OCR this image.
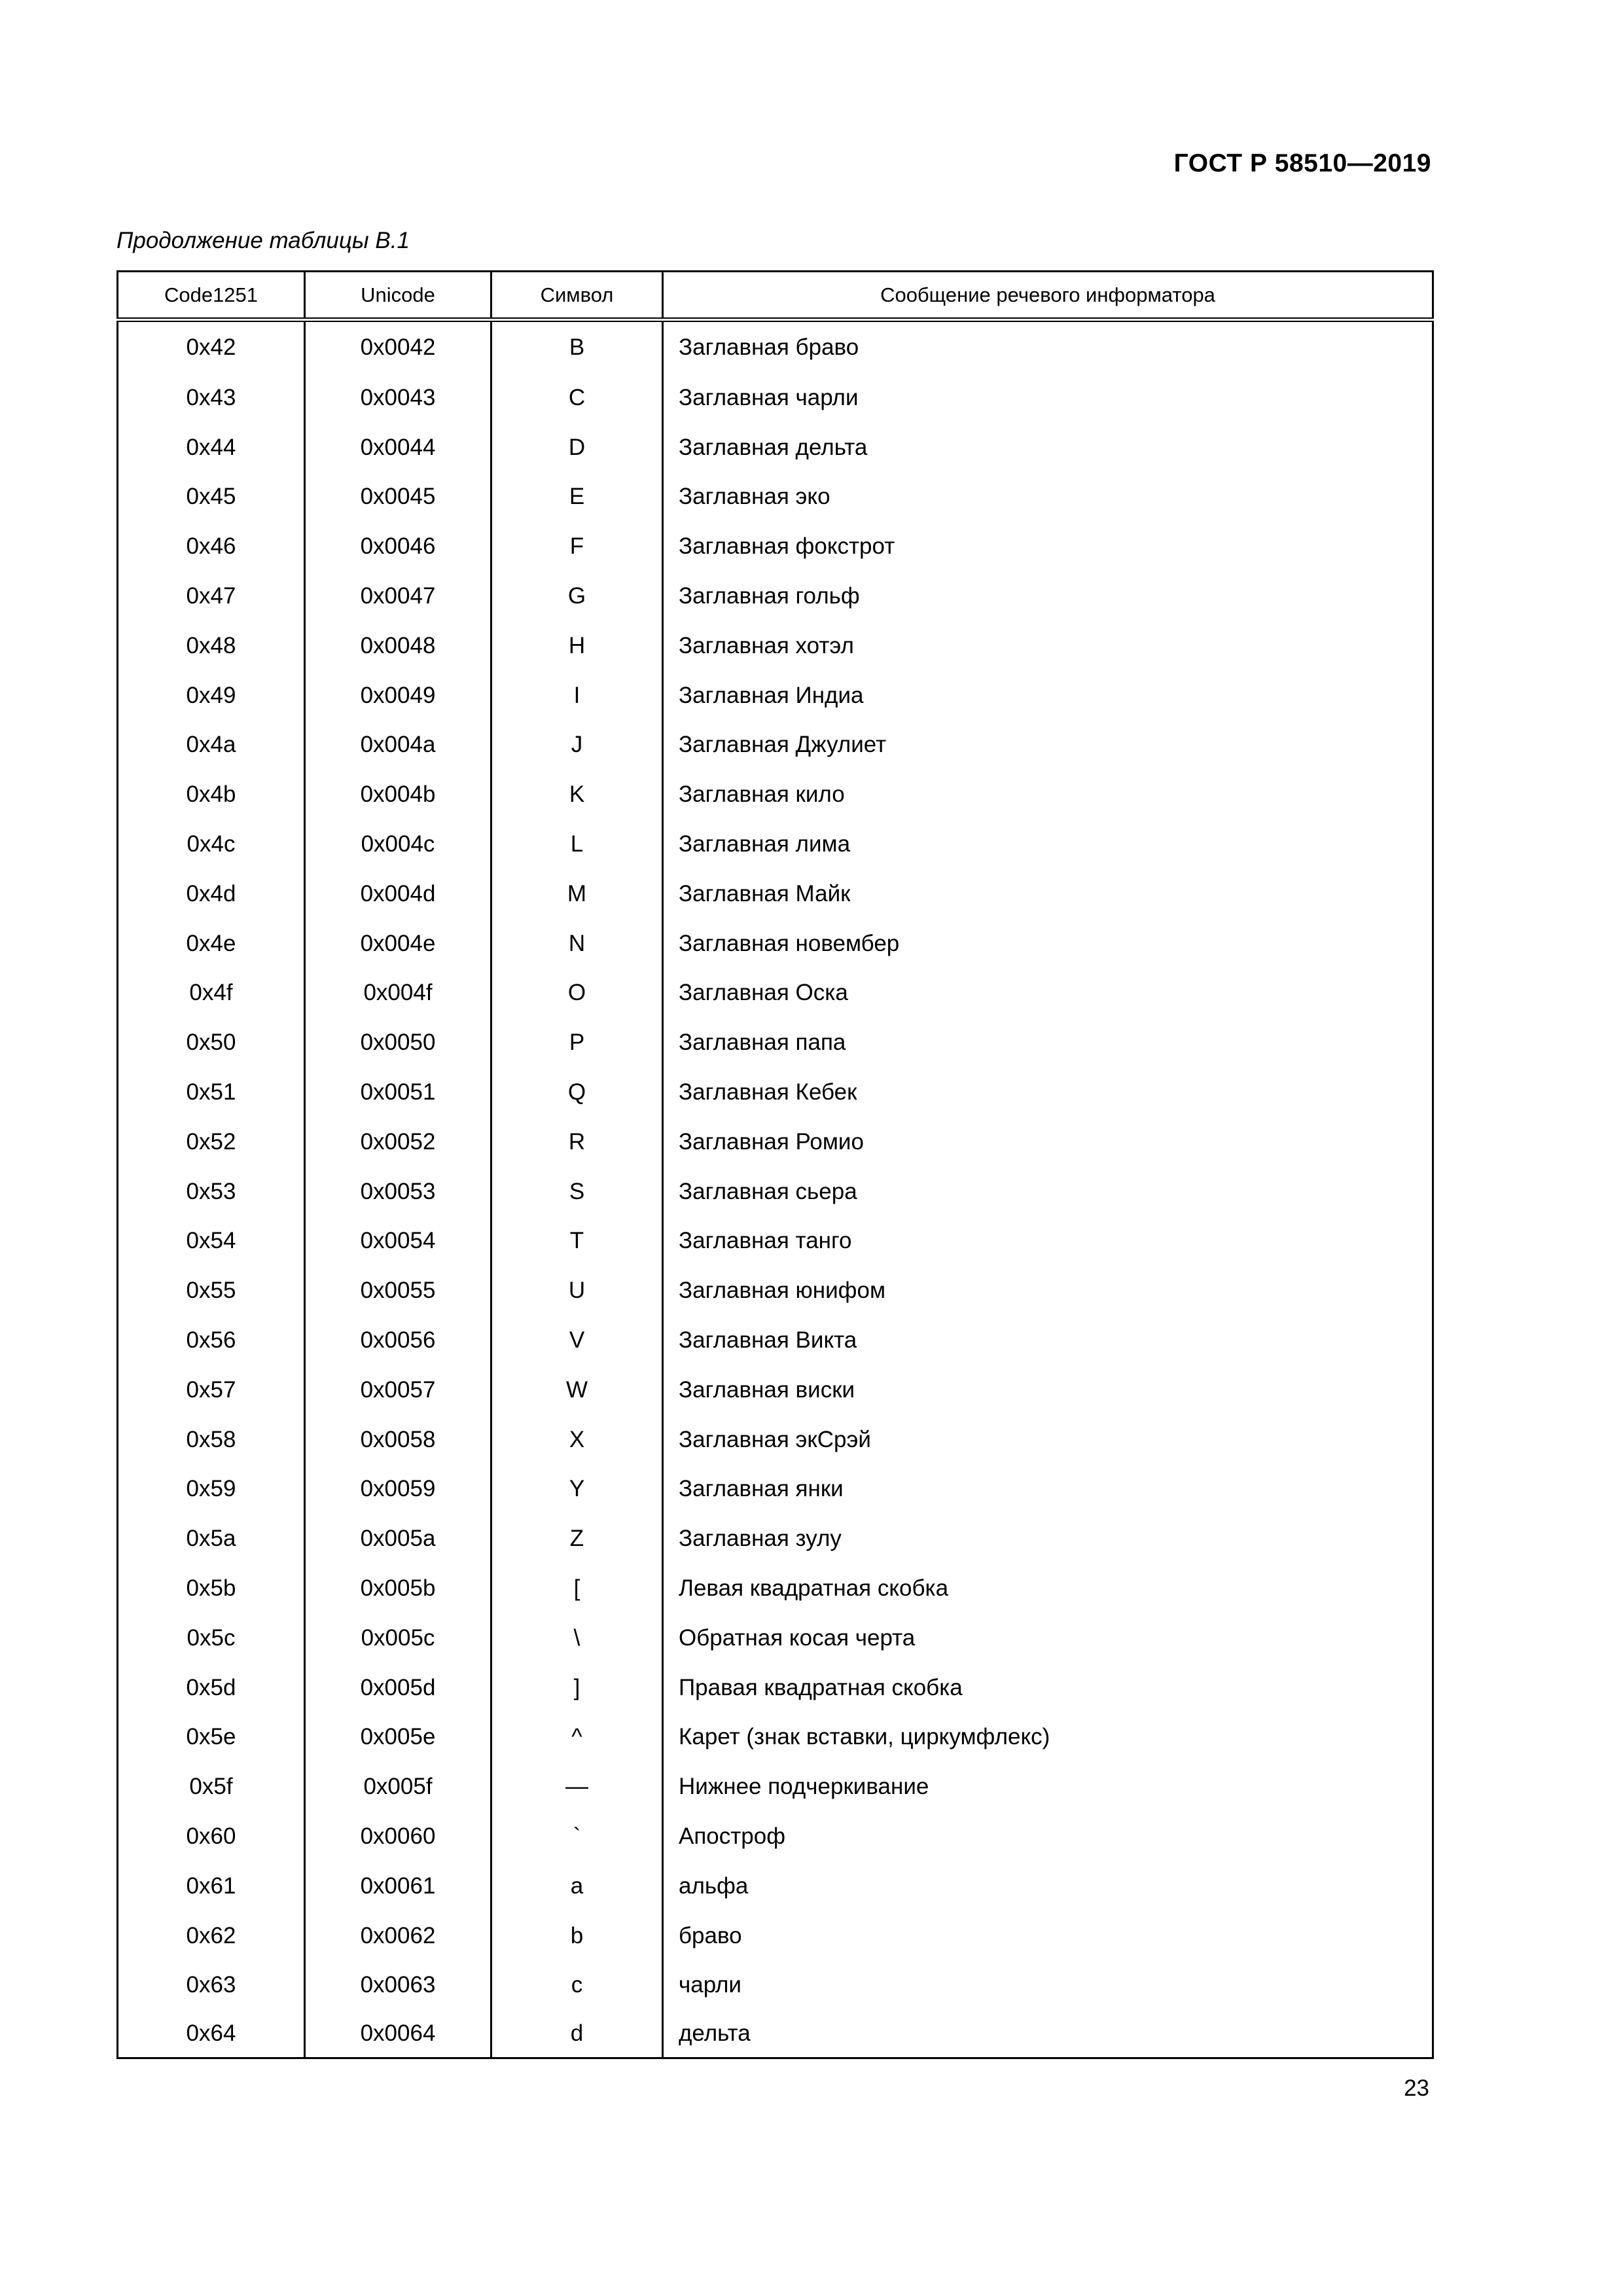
ГОСТ Р 58510—2019
Продолжение таблицы В.1
Code1251	Unicode	Символ	Сообщение речевого информатора
0x42	0x0042	B	Заглавная браво
0x43	0x0043	C	Заглавная чарли
0x44	0x0044	D	Заглавная дельта
0x45	0x0045	E	Заглавная эко
0x46	0x0046	F	Заглавная фокстрот
0x47	0x0047	G	Заглавная гольф
0x48	0x0048	H	Заглавная хотэл
0x49	0x0049	I	Заглавная Индиа
0x4a	0x004a	J	Заглавная Джулиет
0x4b	0x004b	K	Заглавная кило
0x4c	0x004c	L	Заглавная лима
0x4d	0x004d	M	Заглавная Майк
0x4e	0x004e	N	Заглавная новембер
0x4f	0x004f	O	Заглавная Оска
0x50	0x0050	P	Заглавная папа
0x51	0x0051	Q	Заглавная Кебек
0x52	0x0052	R	Заглавная Ромио
0x53	0x0053	S	Заглавная сьера
0x54	0x0054	T	Заглавная танго
0x55	0x0055	U	Заглавная юнифом
0x56	0x0056	V	Заглавная Викта
0x57	0x0057	W	Заглавная виски
0x58	0x0058	X	Заглавная экСрэй
0x59	0x0059	Y	Заглавная янки
0x5a	0x005a	Z	Заглавная зулу
0x5b	0x005b	[	Левая квадратная скобка
0x5c	0x005c	\	Обратная косая черта
0x5d	0x005d	]	Правая квадратная скобка
0x5e	0x005e	^	Карет (знак вставки, циркумфлекс)
0x5f	0x005f	—	Нижнее подчеркивание
0x60	0x0060	`	Апостроф
0x61	0x0061	a	альфа
0x62	0x0062	b	браво
0x63	0x0063	c	чарли
0x64	0x0064	d	дельта
23
